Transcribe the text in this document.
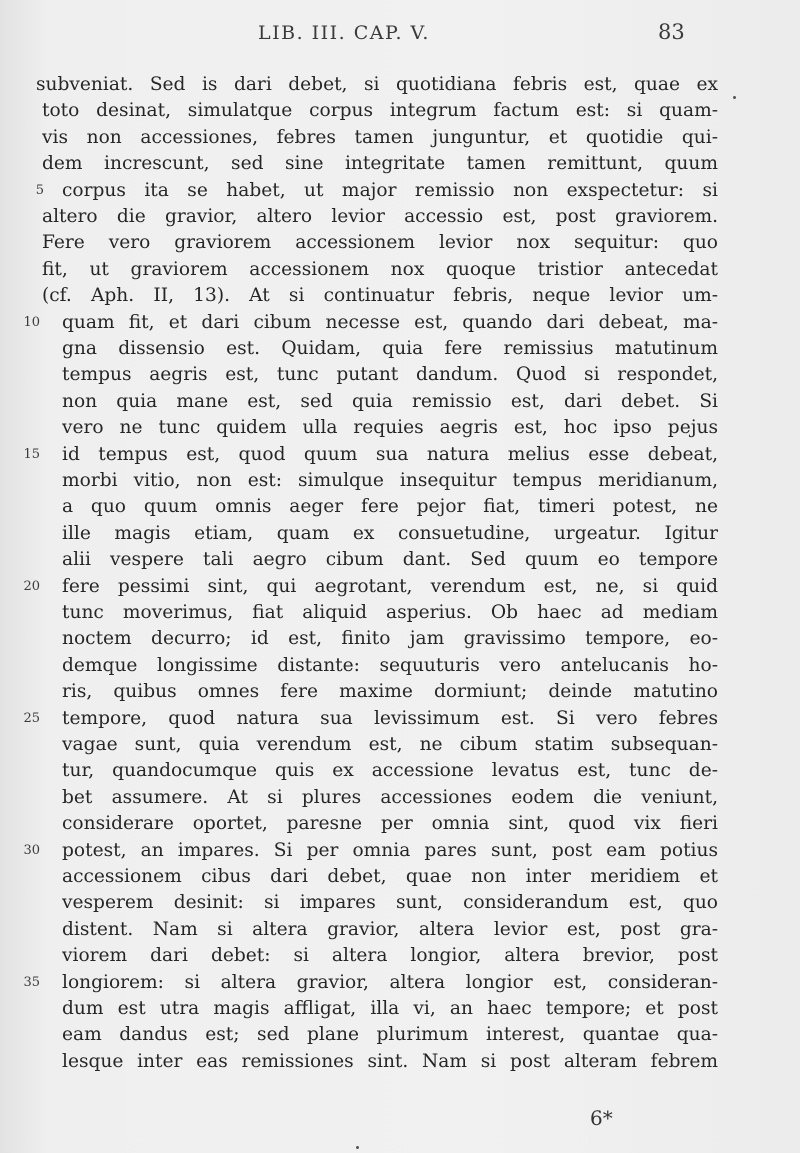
LIB. III. CAP. V.	83
subveniat. Sed is dari debet, si quotidiana febris est, quae ex
toto desinat, simulatque corpus integrum factum est: si quam-
vis non accessiones, febres tamen junguntur, et quotidie qui-
dem increscunt, sed sine integritate tamen remittunt, quum
corpus ita se habet, ut major remissio non exspectetur: si
5
altero die gravior, altero levior accessio est, post graviorem.
Fere vero graviorem accessionem levior nox sequitur: quo
fit, ut graviorem accessionem nox quoque tristior antecedat
(cf. Aph. II, 13). At si continuatur febris, neque levior um-
quam fit, et dari cibum necesse est, quando dari debeat, ma-
10
gna dissensio est. Quidam, quia fere remissius matutinum
tempus aegris est, tunc putant dandum. Quod si respondet,
non quia mane est, sed quia remissio est, dari debet. Si
vero ne tunc quidem ulla requies aegris est, hoc ipso pejus
id tempus est, quod quum sua natura melius esse debeat,
15
morbi vitio, non est: simulque insequitur tempus meridianum,
a quo quum omnis aeger fere pejor fiat, timeri potest, ne
ille magis etiam, quam ex consuetudine, urgeatur. Igitur
alii vespere tali aegro cibum dant. Sed quum eo tempore
fere pessimi sint, qui aegrotant, verendum est, ne, si quid
20
tunc moverimus, fiat aliquid asperius. Ob haec ad mediam
noctem decurro; id est, finito jam gravissimo tempore, eo-
demque longissime distante: sequuturis vero antelucanis ho-
ris, quibus omnes fere maxime dormiunt; deinde matutino
tempore, quod natura sua levissimum est. Si vero febres
25
vagae sunt, quia verendum est, ne cibum statim subsequan-
tur, quandocumque quis ex accessione levatus est, tunc de-
bet assumere. At si plures accessiones eodem die veniunt,
considerare oportet, paresne per omnia sint, quod vix fieri
potest, an impares. Si per omnia pares sunt, post eam potius
30
accessionem cibus dari debet, quae non inter meridiem et
vesperem desinit: si impares sunt, considerandum est, quo
distent. Nam si altera gravior, altera levior est, post gra-
viorem dari debet: si altera longior, altera brevior, post
longiorem: si altera gravior, altera longior est, consideran-
35
dum est utra magis affligat, illa vi, an haec tempore; et post
eam dandus est; sed plane plurimum interest, quantae qua-
lesque inter eas remissiones sint. Nam si post alteram febrem
6*
